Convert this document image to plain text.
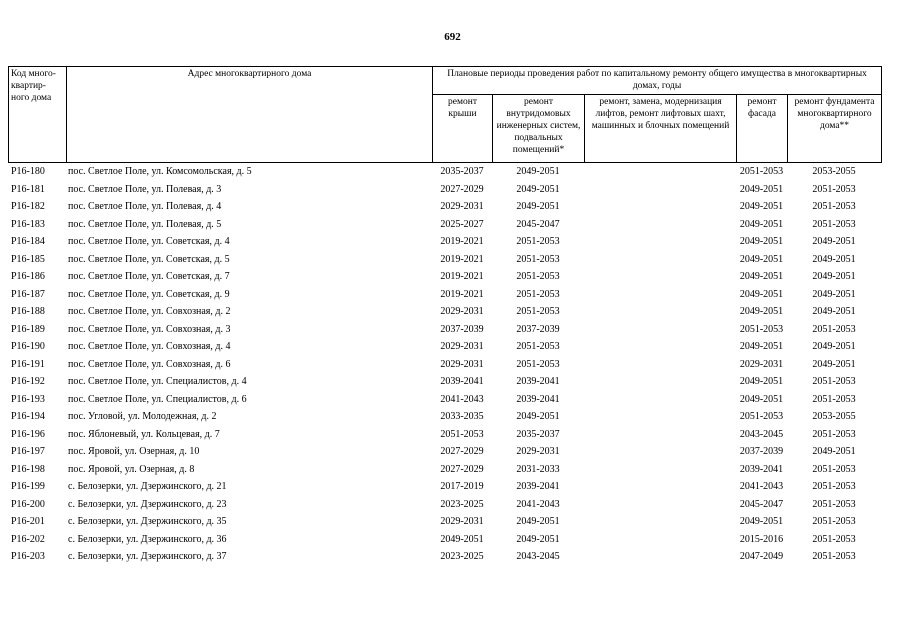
692
Код много-квартир-ного дома	Адрес многоквартирного дома	Плановые периоды проведения работ по капитальному ремонту общего имущества в многоквартирных домах, годы				
		ремонт крыши	ремонт внутридомовых инженерных систем, подвальных помещений*	ремонт, замена, модернизация лифтов, ремонт лифтовых шахт, машинных и блочных помещений	ремонт фасада	ремонт фундамента многоквартирного дома**
Р16-180	пос. Светлое Поле, ул. Комсомольская, д. 5	2035-2037	2049-2051		2051-2053	2053-2055
Р16-181	пос. Светлое Поле, ул. Полевая, д. 3	2027-2029	2049-2051		2049-2051	2051-2053
Р16-182	пос. Светлое Поле, ул. Полевая, д. 4	2029-2031	2049-2051		2049-2051	2051-2053
Р16-183	пос. Светлое Поле, ул. Полевая, д. 5	2025-2027	2045-2047		2049-2051	2051-2053
Р16-184	пос. Светлое Поле, ул. Советская, д. 4	2019-2021	2051-2053		2049-2051	2049-2051
Р16-185	пос. Светлое Поле, ул. Советская, д. 5	2019-2021	2051-2053		2049-2051	2049-2051
Р16-186	пос. Светлое Поле, ул. Советская, д. 7	2019-2021	2051-2053		2049-2051	2049-2051
Р16-187	пос. Светлое Поле, ул. Советская, д. 9	2019-2021	2051-2053		2049-2051	2049-2051
Р16-188	пос. Светлое Поле, ул. Совхозная, д. 2	2029-2031	2051-2053		2049-2051	2049-2051
Р16-189	пос. Светлое Поле, ул. Совхозная, д. 3	2037-2039	2037-2039		2051-2053	2051-2053
Р16-190	пос. Светлое Поле, ул. Совхозная, д. 4	2029-2031	2051-2053		2049-2051	2049-2051
Р16-191	пос. Светлое Поле, ул. Совхозная, д. 6	2029-2031	2051-2053		2029-2031	2049-2051
Р16-192	пос. Светлое Поле, ул. Специалистов, д. 4	2039-2041	2039-2041		2049-2051	2051-2053
Р16-193	пос. Светлое Поле, ул. Специалистов, д. 6	2041-2043	2039-2041		2049-2051	2051-2053
Р16-194	пос. Угловой, ул. Молодежная, д. 2	2033-2035	2049-2051		2051-2053	2053-2055
Р16-196	пос. Яблоневый, ул. Кольцевая, д. 7	2051-2053	2035-2037		2043-2045	2051-2053
Р16-197	пос. Яровой, ул. Озерная, д. 10	2027-2029	2029-2031		2037-2039	2049-2051
Р16-198	пос. Яровой, ул. Озерная, д. 8	2027-2029	2031-2033		2039-2041	2051-2053
Р16-199	с. Белозерки, ул. Дзержинского, д. 21	2017-2019	2039-2041		2041-2043	2051-2053
Р16-200	с. Белозерки, ул. Дзержинского, д. 23	2023-2025	2041-2043		2045-2047	2051-2053
Р16-201	с. Белозерки, ул. Дзержинского, д. 35	2029-2031	2049-2051		2049-2051	2051-2053
Р16-202	с. Белозерки, ул. Дзержинского, д. 36	2049-2051	2049-2051		2015-2016	2051-2053
Р16-203	с. Белозерки, ул. Дзержинского, д. 37	2023-2025	2043-2045		2047-2049	2051-2053
